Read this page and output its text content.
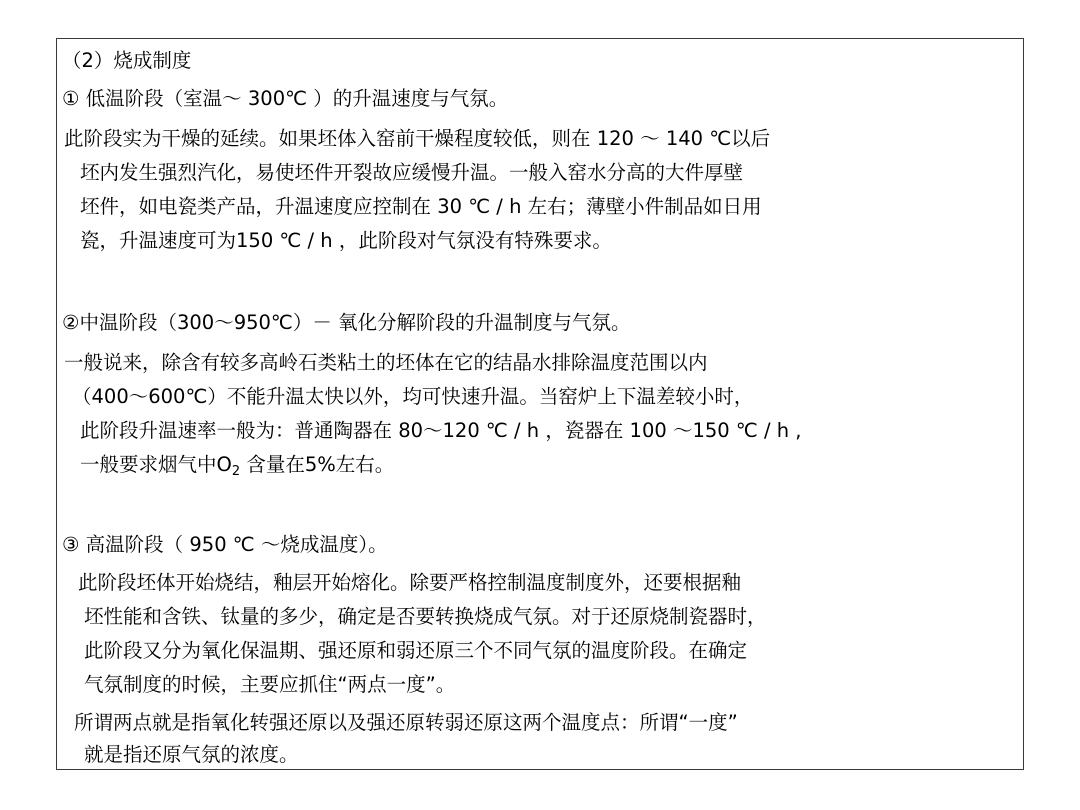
（2）烧成制度

① 低温阶段（室温～ 300℃ ）的升温速度与气氛。

此阶段实为干燥的延续。如果坯体入窑前干燥程度较低，则在 120 ～ 140 ℃以后

坯内发生强烈汽化，易使坯件开裂故应缓慢升温。一般入窑水分高的大件厚壁

坯件，如电瓷类产品，升温速度应控制在 30 ℃ / h 左右；薄壁小件制品如日用

瓷，升温速度可为150 ℃ / h ，此阶段对气氛没有特殊要求。

②中温阶段（300～950℃）－ 氧化分解阶段的升温制度与气氛。

一般说来，除含有较多高岭石类粘土的坯体在它的结晶水排除温度范围以内

（400～600℃）不能升温太快以外，均可快速升温。当窑炉上下温差较小时，

此阶段升温速率一般为：普通陶器在 80～120 ℃ / h ，瓷器在 100 ～150 ℃ / h ,

一般要求烟气中$O_2$ 含量在5%左右。

③ 高温阶段（ 950 ℃ ～烧成温度）。

此阶段坯体开始烧结，釉层开始熔化。除要严格控制温度制度外，还要根据釉

坯性能和含铁、钛量的多少，确定是否要转换烧成气氛。对于还原烧制瓷器时，

此阶段又分为氧化保温期、强还原和弱还原三个不同气氛的温度阶段。在确定

气氛制度的时候，主要应抓住“两点一度”。

所谓两点就是指氧化转强还原以及强还原转弱还原这两个温度点：所谓“一度”

就是指还原气氛的浓度。
